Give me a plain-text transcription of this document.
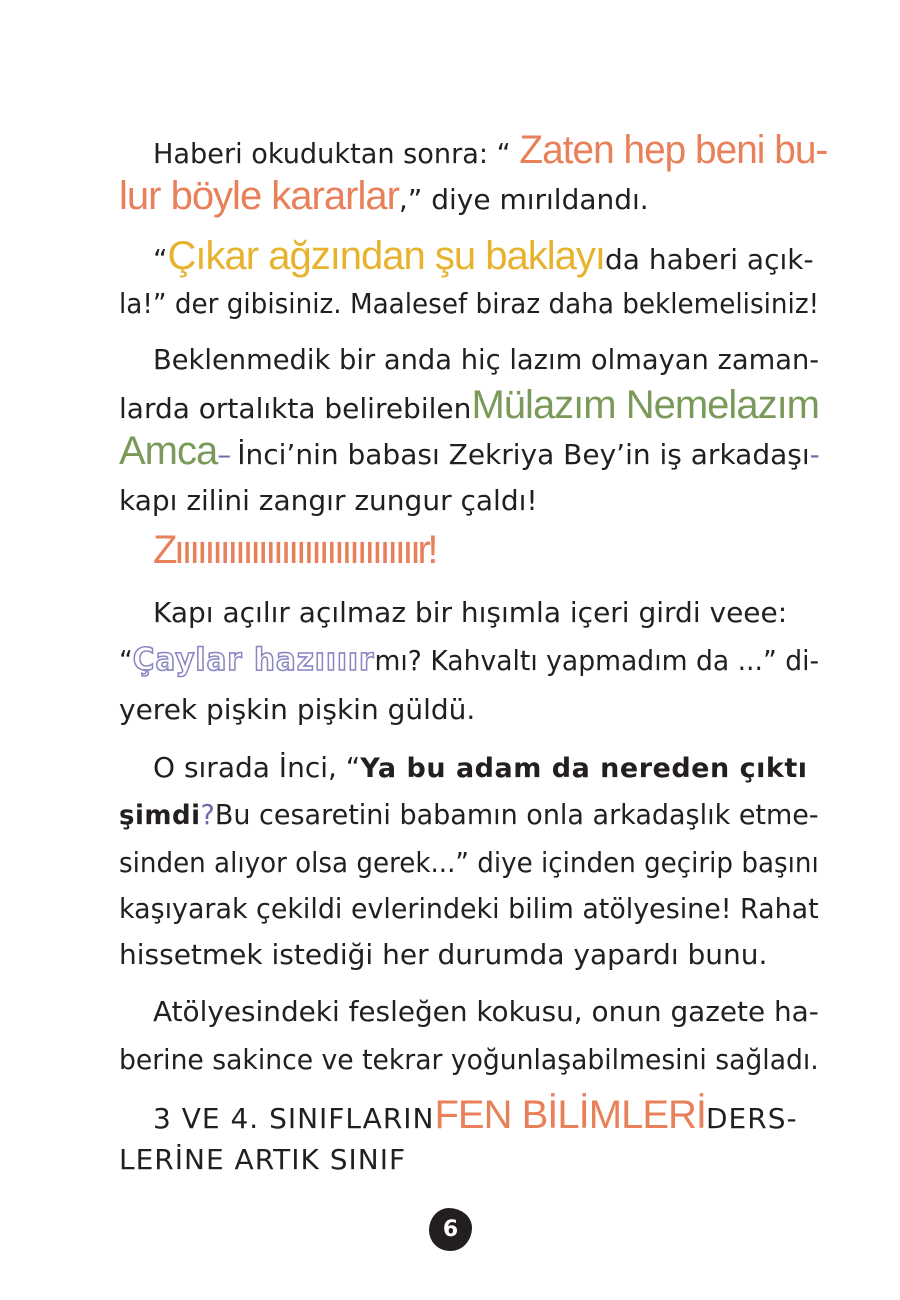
Haberi okuduktan sonra: “ Zaten hep beni bu-
lur böyle kararlar ,” diye mırıldandı.
“ Çıkar ağzından şu baklayı da haberi açık-
la!” der gibisiniz. Maalesef biraz daha beklemelisiniz!
Beklenmedik bir anda hiç lazım olmayan zaman-
larda ortalıkta belirebilen Mülazım Nemelazım
Amca – İnci’nin babası Zekriya Bey’in iş arkadaşı -
kapı zilini zangır zungur çaldı!
Zıııııııııııııııııııııııııııııııır!
Kapı açılır açılmaz bir hışımla içeri girdi veee:
“ Çaylar hazıııır mı? Kahvaltı yapmadım da ...” di-
yerek pişkin pişkin güldü.
O sırada İnci, “ Ya bu adam da nereden çıktı
şimdi ? Bu cesaretini babamın onla arkadaşlık etme-
sinden alıyor olsa gerek...” diye içinden geçirip başını
kaşıyarak çekildi evlerindeki bilim atölyesine! Rahat
hissetmek istediği her durumda yapardı bunu.
Atölyesindeki fesleğen kokusu, onun gazete ha-
berine sakince ve tekrar yoğunlaşabilmesini sağladı.
3 VE 4. SINIFLARIN FEN BİLİMLERİ DERS-
LERİNE ARTIK SINIF
6
